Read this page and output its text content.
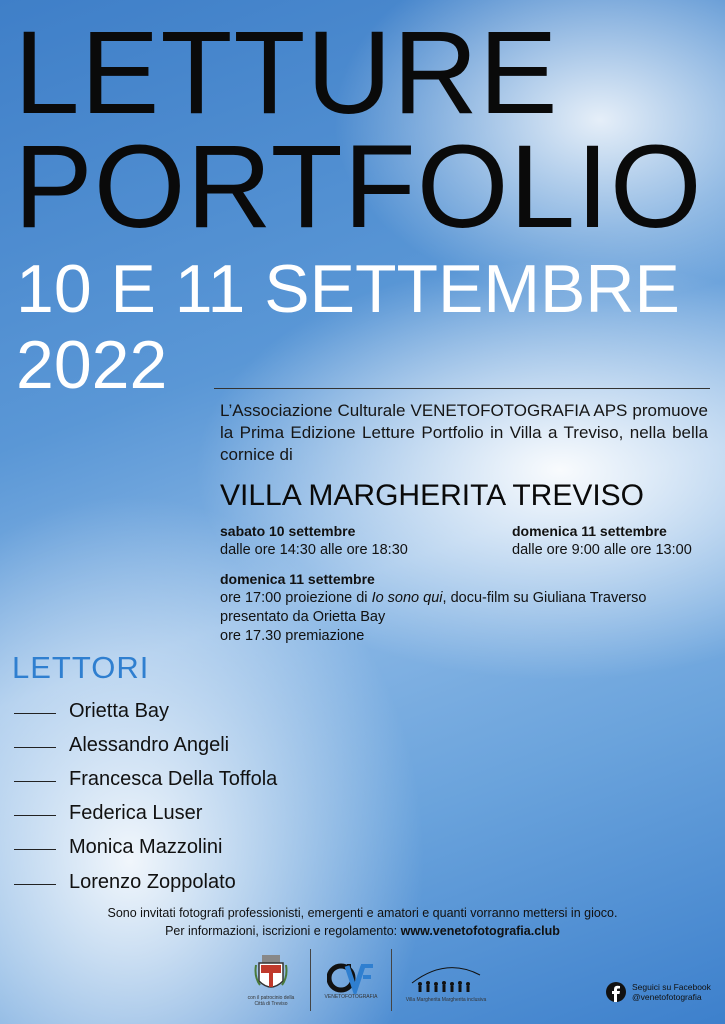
LETTURE
PORTFOLIO
10 E 11 SETTEMBRE
2022

L’Associazione Culturale VENETOFOTOGRAFIA APS promuove la Prima Edizione Letture Portfolio in Villa a Treviso, nella bella cornice di

VILLA MARGHERITA TREVISO
sabato 10 settembre
dalle ore 14:30 alle ore 18:30
domenica 11 settembre
dalle ore 9:00 alle ore 13:00
domenica 11 settembre
ore 17:00 proiezione di Io sono qui, docu-film su Giuliana Traverso
presentato da Orietta Bay
ore 17.30 premiazione
LETTORI
Orietta Bay
Alessandro Angeli
Francesca Della Toffola
Federica Luser
Monica Mazzolini
Lorenzo Zoppolato
Sono invitati fotografi professionisti, emergenti e amatori e quanti vorranno mettersi in gioco.
Per informazioni, iscrizioni e regolamento: www.venetofotografia.club
con il patrocinio della Città di Treviso
VENETOFOTOGRAFIA	Villa Margherita Margherita inclusiva
Seguici su Facebook
@venetofotografia
